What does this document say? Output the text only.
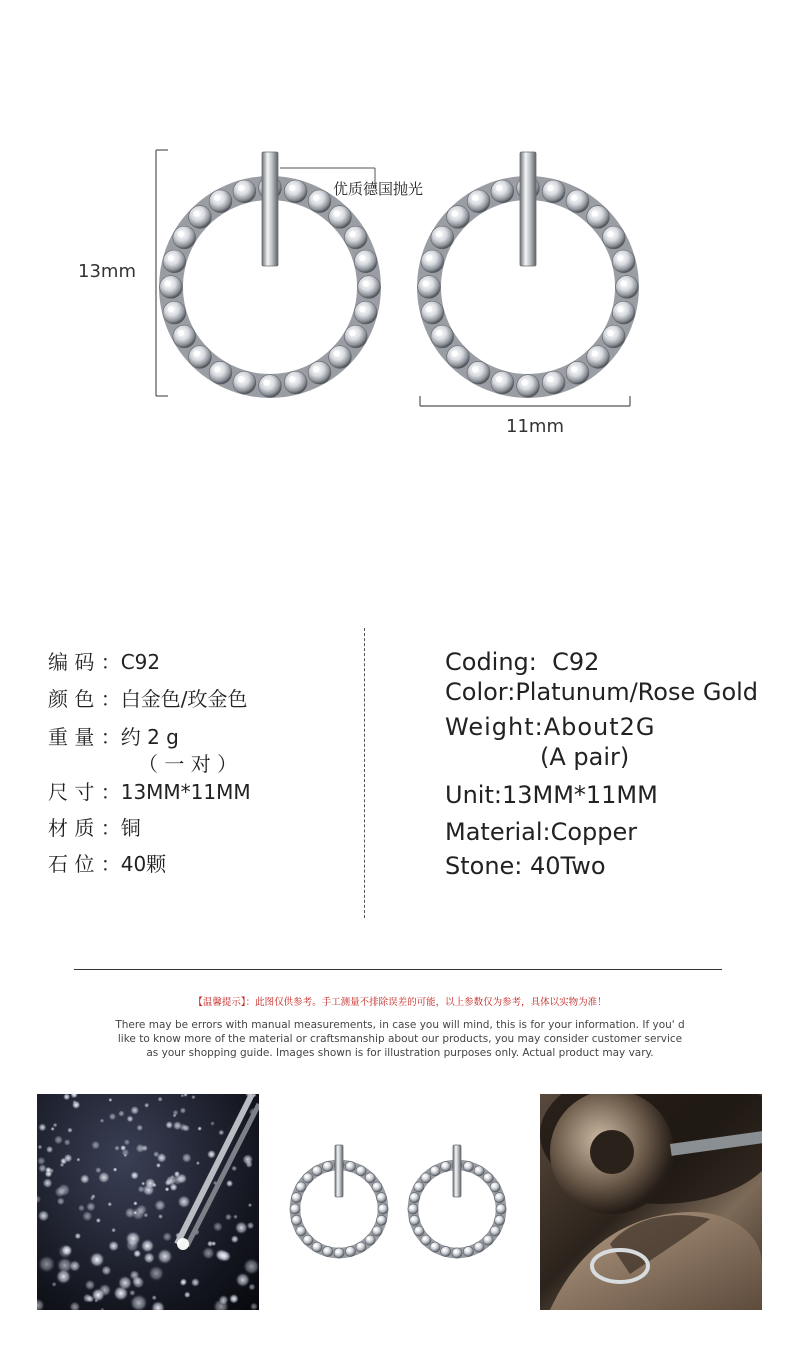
13mm
优质德国抛光
11mm
编 码 ：C92
颜 色 ：白金色/玫金色
重 量 ：约 2 g
（ 一 对 ）
尺 寸 ：13MM*11MM
材 质 ：铜
石 位 ：40颗
Coding:  C92
Color:Platunum/Rose Gold
Weight:About2G
(A pair)
Unit:13MM*11MM
Material:Copper
Stone: 40Two
【温馨提示】：此图仅供参考。手工测量不排除误差的可能，以上参数仅为参考，具体以实物为准！
There may be errors with manual measurements, in case you will mind, this is for your information. If you' d
like to know more of the material or craftsmanship about our products, you may consider customer service
as your shopping guide. Images shown is for illustration purposes only. Actual product may vary.
